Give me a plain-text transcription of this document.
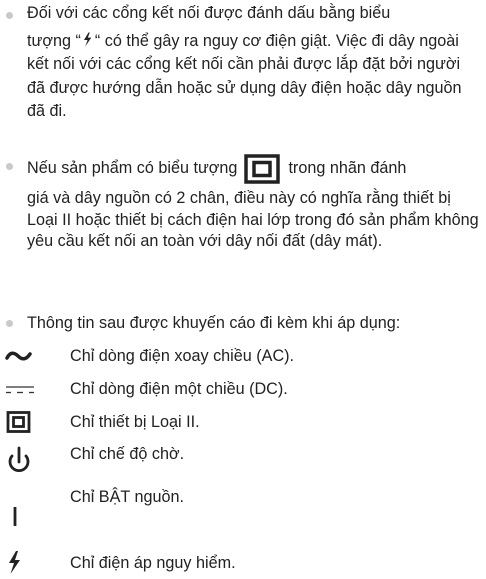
Đối với các cổng kết nối được đánh dấu bằng biểu
tượng “ “ có thể gây ra nguy cơ điện giật. Việc đi dây ngoài kết nối với các cổng kết nối cần phải được lắp đặt bởi người đã được hướng dẫn hoặc sử dụng dây điện hoặc dây nguồn đã đi.
Nếu sản phẩm có biểu tượng	trong nhãn đánh
giá và dây nguồn có 2 chân, điều này có nghĩa rằng thiết bị Loại II hoặc thiết bị cách điện hai lớp trong đó sản phẩm không yêu cầu kết nối an toàn với dây nối đất (dây mát).
Thông tin sau được khuyến cáo đi kèm khi áp dụng:
Chỉ dòng điện xoay chiều (AC).
Chỉ dòng điện một chiều (DC).
Chỉ thiết bị Loại II.
Chỉ chế độ chờ.
Chỉ BẬT nguồn.
Chỉ điện áp nguy hiểm.
